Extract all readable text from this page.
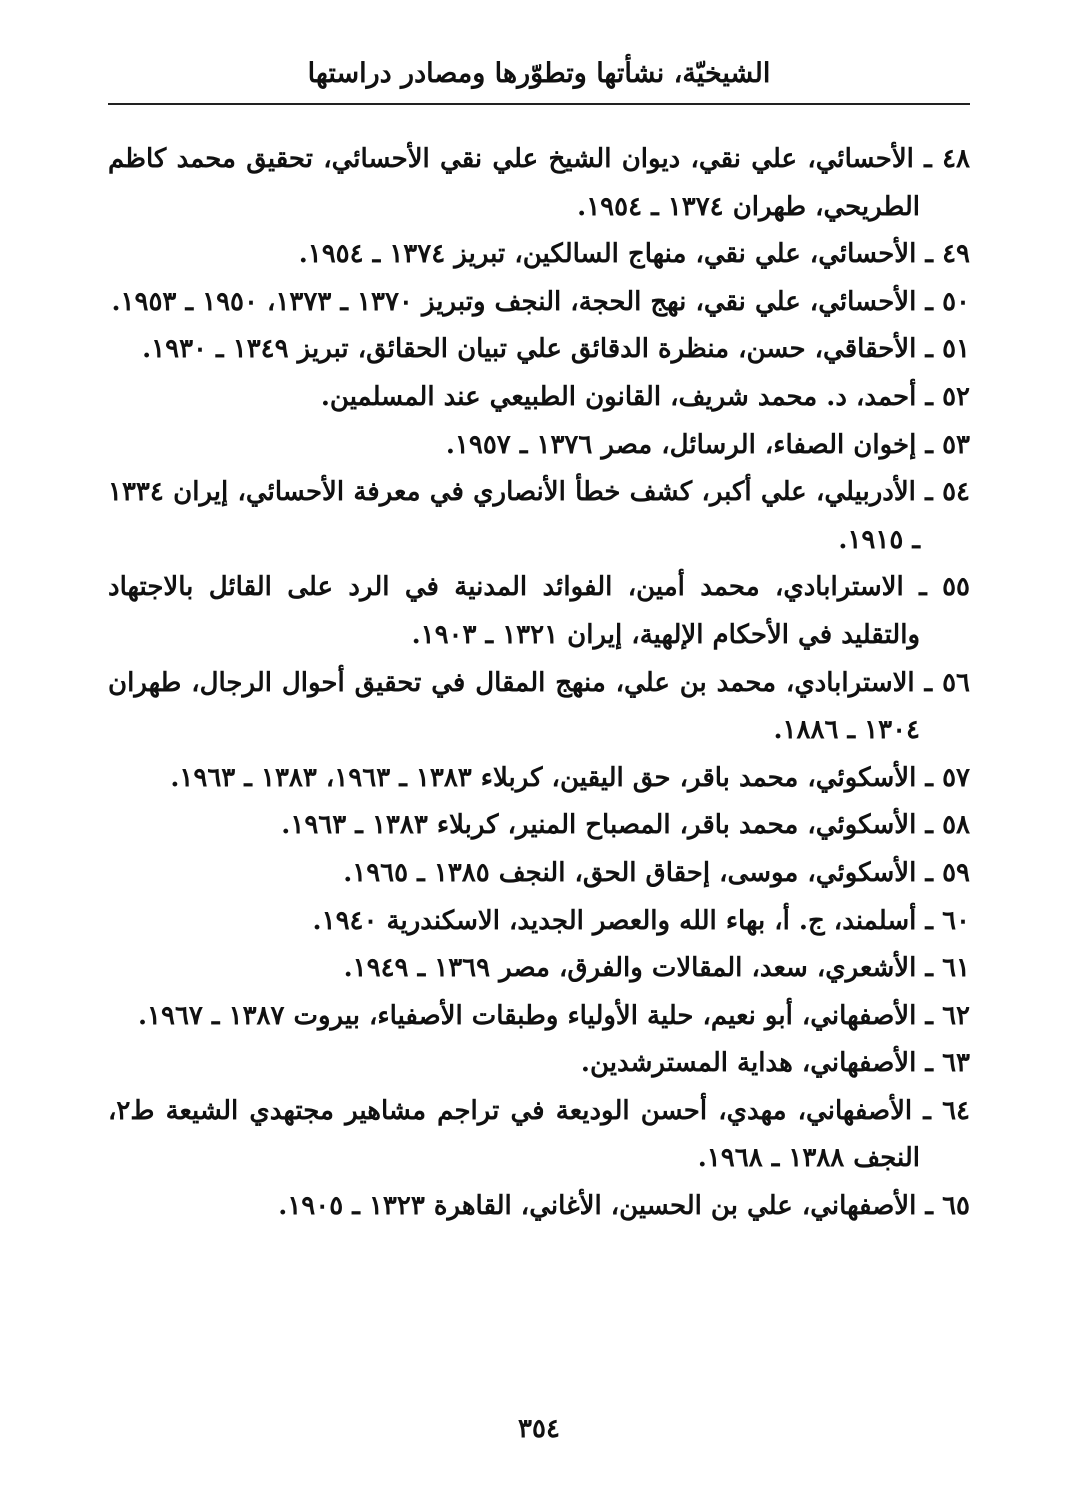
الشيخيّة، نشأتها وتطوّرها ومصادر دراستها
٤٨ ـ الأحسائي، علي نقي، ديوان الشيخ علي نقي الأحسائي، تحقيق محمد كاظم الطريحي، طهران ١٣٧٤ ـ ١٩٥٤.
٤٩ ـ الأحسائي، علي نقي، منهاج السالكين، تبريز ١٣٧٤ ـ ١٩٥٤.
٥٠ ـ الأحسائي، علي نقي، نهج الحجة، النجف وتبريز ١٣٧٠ ـ ١٣٧٣، ١٩٥٠ ـ ١٩٥٣.
٥١ ـ الأحقاقي، حسن، منظرة الدقائق علي تبيان الحقائق، تبريز ١٣٤٩ ـ ١٩٣٠.
٥٢ ـ أحمد، د. محمد شريف، القانون الطبيعي عند المسلمين.
٥٣ ـ إخوان الصفاء، الرسائل، مصر ١٣٧٦ ـ ١٩٥٧.
٥٤ ـ الأدربيلي، علي أكبر، كشف خطأ الأنصاري في معرفة الأحسائي، إيران ١٣٣٤ ـ ١٩١٥.
٥٥ ـ الاسترابادي، محمد أمين، الفوائد المدنية في الرد على القائل بالاجتهاد والتقليد في الأحكام الإلهية، إيران ١٣٢١ ـ ١٩٠٣.
٥٦ ـ الاسترابادي، محمد بن علي، منهج المقال في تحقيق أحوال الرجال، طهران ١٣٠٤ ـ ١٨٨٦.
٥٧ ـ الأسكوئي، محمد باقر، حق اليقين، كربلاء ١٣٨٣ ـ ١٩٦٣، ١٣٨٣ ـ ١٩٦٣.
٥٨ ـ الأسكوئي، محمد باقر، المصباح المنير، كربلاء ١٣٨٣ ـ ١٩٦٣.
٥٩ ـ الأسكوئي، موسى، إحقاق الحق، النجف ١٣٨٥ ـ ١٩٦٥.
٦٠ ـ أسلمند، ج. أ، بهاء الله والعصر الجديد، الاسكندرية ١٩٤٠.
٦١ ـ الأشعري، سعد، المقالات والفرق، مصر ١٣٦٩ ـ ١٩٤٩.
٦٢ ـ الأصفهاني، أبو نعيم، حلية الأولياء وطبقات الأصفياء، بيروت ١٣٨٧ ـ ١٩٦٧.
٦٣ ـ الأصفهاني، هداية المسترشدين.
٦٤ ـ الأصفهاني، مهدي، أحسن الوديعة في تراجم مشاهير مجتهدي الشيعة ط٢، النجف ١٣٨٨ ـ ١٩٦٨.
٦٥ ـ الأصفهاني، علي بن الحسين، الأغاني، القاهرة ١٣٢٣ ـ ١٩٠٥.
٣٥٤
